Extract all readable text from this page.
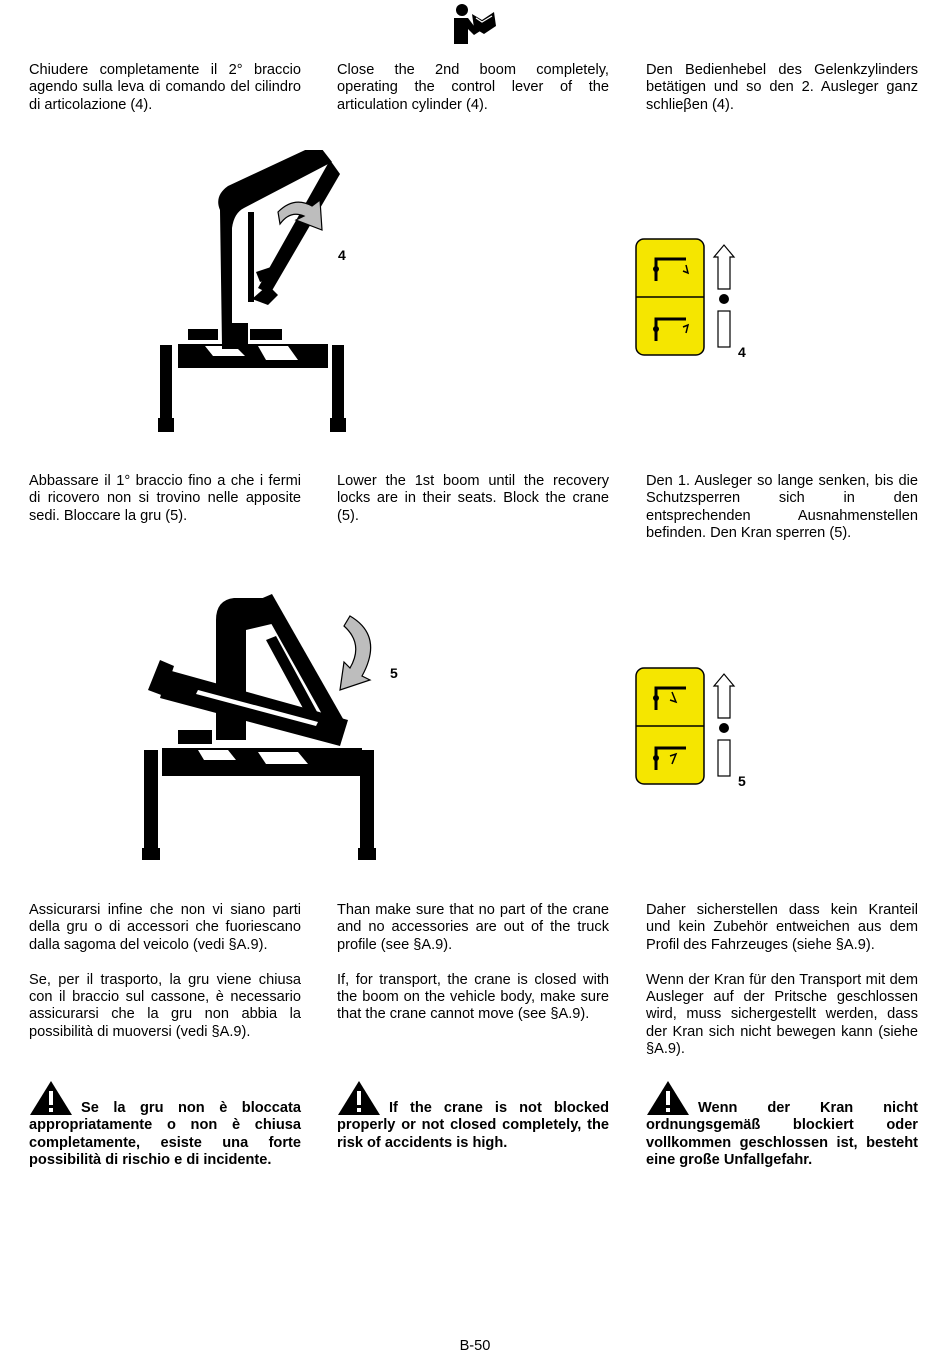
Chiudere completamente il 2° braccio agendo sulla leva di comando del cilindro di articolazione (4).

Close the 2nd boom completely, operating the control lever of the articulation cylinder (4).

Den Bedienhebel des Gelenkzylinders betätigen und so den 2. Ausleger ganz schlieβen (4).

4
4

Abbassare il 1° braccio fino a che i fermi di ricovero non si trovino nelle apposite sedi. Bloccare la gru (5).

Lower the 1st boom until the recovery locks are in their seats. Block the crane (5).

Den 1. Ausleger so lange senken, bis die Schutzsperren sich in den entsprechenden Ausnahmenstellen befinden. Den Kran sperren (5).

5
5

Assicurarsi infine che non vi siano parti della gru o di accessori che fuoriescano dalla sagoma del veicolo (vedi §A.9).

Se, per il trasporto, la gru viene chiusa con il braccio sul cassone, è necessario assicurarsi che la gru non abbia la possibilità di muoversi (vedi §A.9).

Than make sure that no part of the crane and no accessories are out of the truck profile (see §A.9).

If, for transport, the crane is closed with the boom on the vehicle body, make sure that the crane cannot move (see §A.9).

Daher sicherstellen dass kein Kranteil und kein Zubehör entweichen aus dem Profil des Fahrzeuges (siehe §A.9).

Wenn der Kran für den Transport mit dem Ausleger auf der Pritsche geschlossen wird, muss sichergestellt werden, dass der Kran sich nicht bewegen kann (siehe §A.9).

Se la gru non è bloccata appropriatamente o non è chiusa completamente, esiste una forte possibilità di rischio e di incidente.

If the crane is not blocked properly or not closed completely, the risk of accidents is high.

Wenn der Kran nicht ordnungsgemäß blockiert oder vollkommen geschlossen ist, besteht eine große Unfallgefahr.

B-50
